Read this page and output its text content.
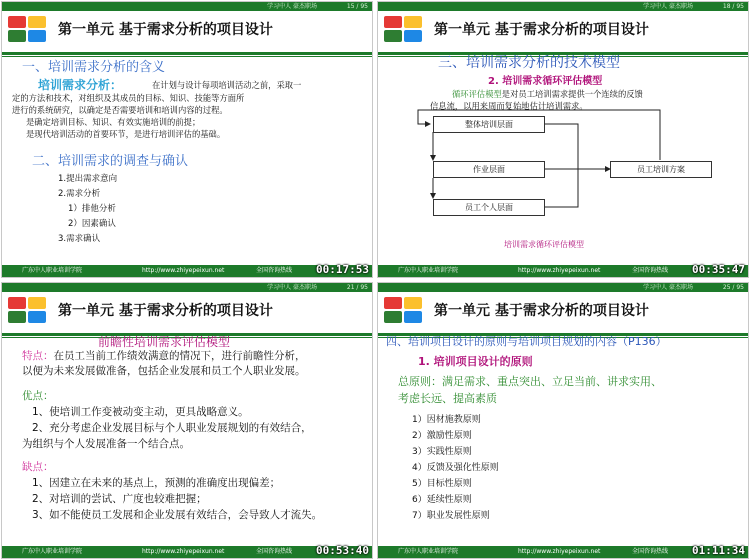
学习中人 豪杰职场	15 / 95
第一单元 基于需求分析的项目设计
一、培训需求分析的含义
培训需求分析：	在计划与设计每项培训活动之前，采取一
定的方法和技术，对组织及其成员的目标、知识、技能等方面所
进行的系统研究，以确定是否需要培训和培训内容的过程。
是确定培训目标、知识、有效实施培训的前提；
是现代培训活动的首要环节，是进行培训评估的基础。
二、培训需求的调查与确认
1.提出需求意向
2.需求分析
1）排他分析
2）因素确认
3.需求确认
广东中人职业培训学院	http://www.zhiyepeixun.net	全国咨询热线 00:17:53
学习中人 豪杰职场	18 / 95
第一单元 基于需求分析的项目设计
三、培训需求分析的技术模型
2. 培训需求循环评估模型
循环评估模型是对员工培训需求提供一个连续的反馈
信息流，以用来周而复始地估计培训需求。
整体培训层面
作业层面	员工培训方案
员工个人层面
培训需求循环评估模型
广东中人职业培训学院	http://www.zhiyepeixun.net	全国咨询热线 00:35:47
学习中人 豪杰职场	21 / 95
第一单元 基于需求分析的项目设计
前瞻性培训需求评估模型
特点：在员工当前工作绩效满意的情况下，进行前瞻性分析，
以便为未来发展做准备，包括企业发展和员工个人职业发展。
优点：
1、使培训工作变被动变主动，更具战略意义。
2、充分考虑企业发展目标与个人职业发展规划的有效结合，
为组织与个人发展准备一个结合点。
缺点：
1、因建立在未来的基点上，预测的准确度出现偏差；
2、对培训的尝试、广度也较难把握；
3、如不能使员工发展和企业发展有效结合，会导致人才流失。
广东中人职业培训学院	http://www.zhiyepeixun.net	全国咨询热线 00:53:40
学习中人 豪杰职场	25 / 95
第一单元 基于需求分析的项目设计
四、培训项目设计的原则与培训项目规划的内容（P136）
1. 培训项目设计的原则
总原则：满足需求、重点突出、立足当前、讲求实用、
考虑长远、提高素质
1）因材施教原则
2）激励性原则
3）实践性原则
4）反馈及强化性原则
5）目标性原则
6）延续性原则
7）职业发展性原则
广东中人职业培训学院	http://www.zhiyepeixun.net	全国咨询热线 01:11:34
